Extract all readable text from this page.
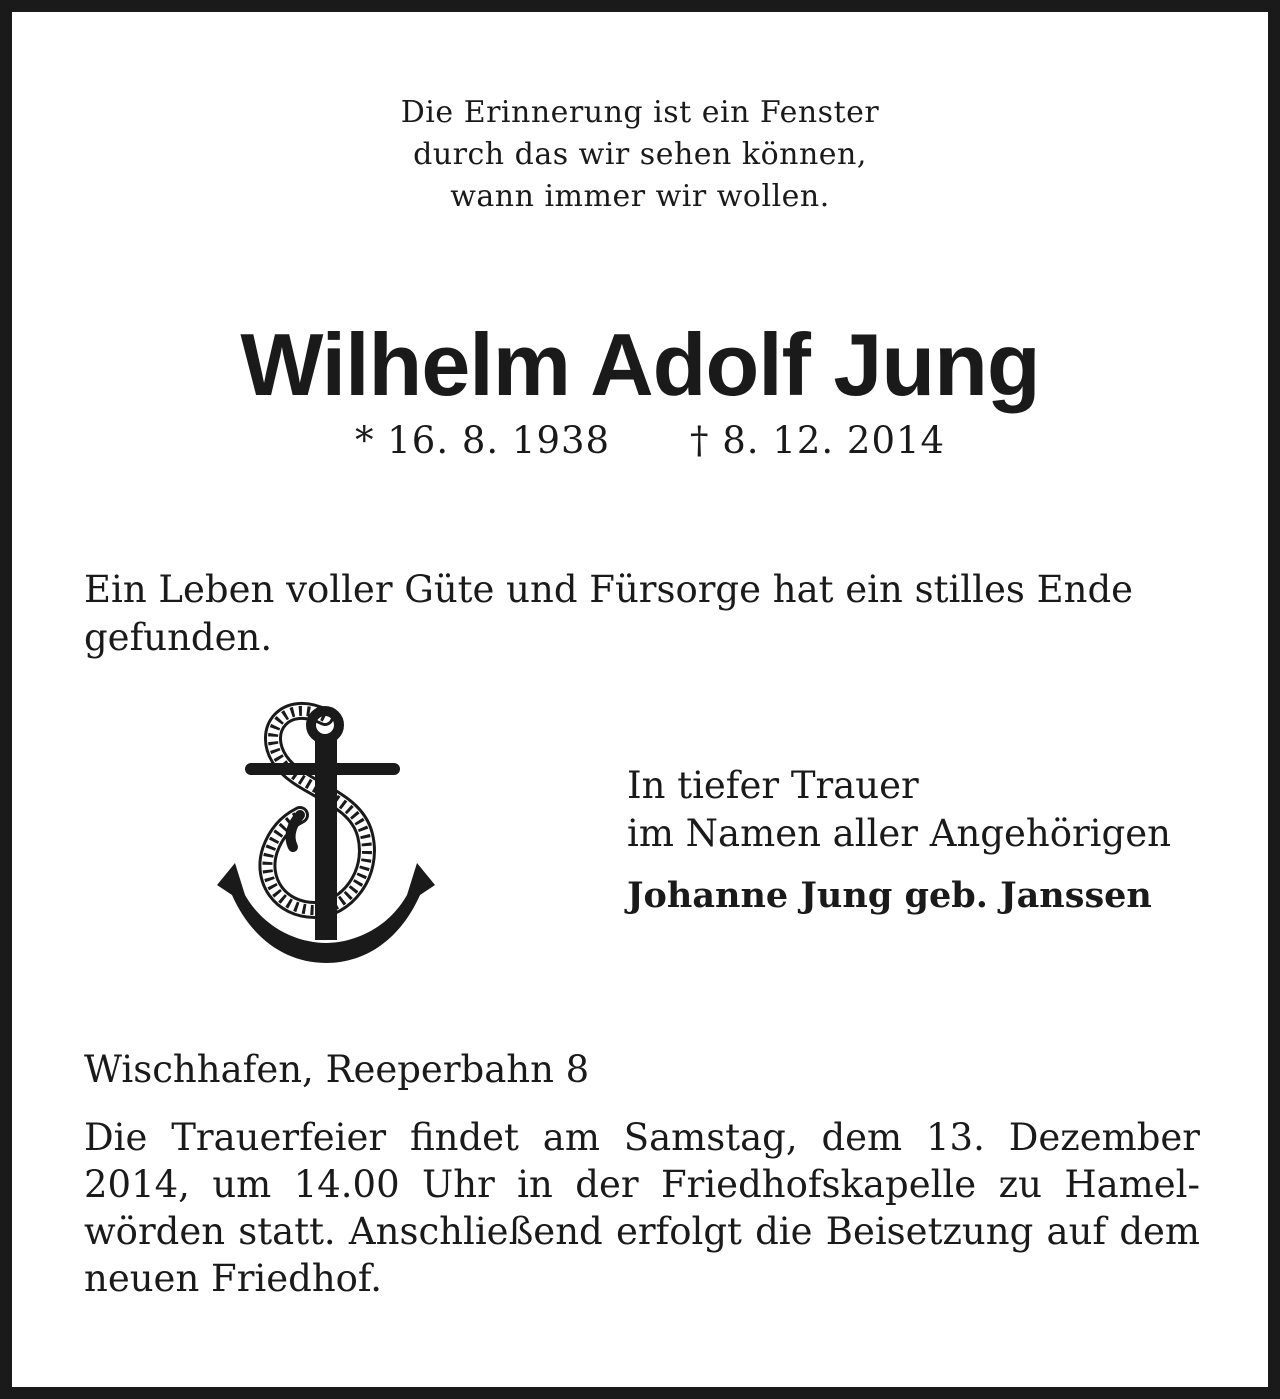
Die Erinnerung ist ein Fenster
durch das wir sehen können,
wann immer wir wollen.
Wilhelm Adolf Jung
* 16. 8. 1938 † 8. 12. 2014
Ein Leben voller Güte und Fürsorge hat ein stilles Ende gefunden.
In tiefer Trauer
im Namen aller Angehörigen
Johanne Jung geb. Janssen
Wischhafen, Reeperbahn 8
Die Trauerfeier findet am Samstag, dem 13. Dezember 2014, um 14.00 Uhr in der Friedhofskapelle zu Hamel-wörden statt. Anschließend erfolgt die Beisetzung auf dem neuen Friedhof.
